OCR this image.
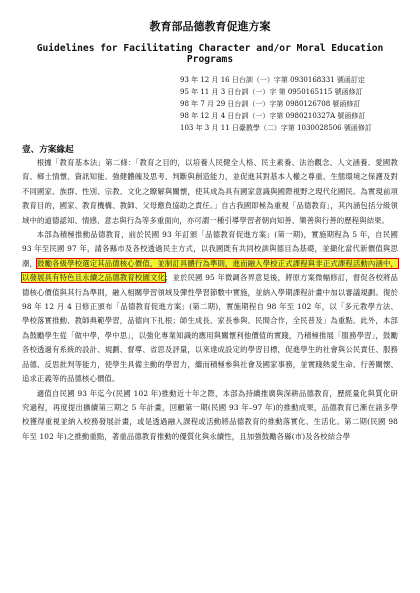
教育部品德教育促進方案
Guidelines for Facilitating Character and/or Moral Education Programs
93 年 12 月 16 日台訓（一）字第 0930168331 號函訂定
95 年 11 月 3 日台訓（一）字 第 0950165115 號函修訂
98 年 7 月 29 日台訓（一）字第 0980126708 號函修訂
98 年 12 月 4 日台訓（一）字第 0980210327A 號函修訂
103 年 3 月 11 日臺教學（二）字第 1030028506 號函修訂
壹、方案緣起

根據「教育基本法」第二條：「教育之目的，以培養人民健全人格、民主素養、法治觀念、人文涵養、愛國教育、鄉土情懷、資訊知能、強健體魄及思考、判斷與創造能力，並促進其對基本人權之尊重、生態環境之保護及對不同國家、族群、性別、宗教、文化之瞭解與關懷，使其成為具有國家意識與國際視野之現代化國民。為實現前項教育目的，國家、教育機構、教師、父母應負協助之責任。」自古我國即極為重視「品德教育」，其內涵包括分級領域中的道德認知、情感、意志與行為等多重面向，亦可謂一種引導學習者朝向知善、樂善與行善的歷程與結果。

本部為積極推動品德教育，前於民國 93 年訂頒「品德教育促進方案」(第一期)，實施期程為 5 年，自民國 93 年至民國 97 年，請各縣市及各校透過民主方式，以我國既有共同校訓與德目為基礎，並擷化當代新價值與思潮，鼓勵各級學校選定其品德核心價值，並制訂具體行為準則，進而融入學校正式課程與非正式課程活動內涵中，以發展具有特色且永續之品德教育校園文化；並於民國 95 年微調各界意見後，將原方案微幅修訂，督促各校將品德核心價值與其行為準則，融入相關學習領域及彈性學習節數中實施，並納入學期課程計畫中加以審議規劃。復於 98 年 12 月 4 日修正頒布「品德教育促進方案」(第二期)，實施期程自 98 年至 102 年，以「多元教學方法、學校落實推動、教師典範學習，品德向下扎根；師生成長、家長參與、民間合作，全民普及」為重點。此外，本部為鼓勵學生從「做中學，學中思」，以強化專業知識的應用與關懷利他價值的實踐，乃積極推展「服務學習」，鼓勵各校透過有系統的設計、規劃、督導、省思及評量，以來達成設定的學習目標，促進學生的社會與公民責任、服務品德、反思批判等能力，使學生具備主動的學習力，繼而積極參與社會及國家事務，並實踐熱愛生命、行善關懷、追求正義等的品德核心價值。

適值自民國 93 年迄今(民國 102 年)推動近十年之際，本部為持續推廣與深耕品德教育，歷經量化與質化研究過程，再度提出擴續第三期之 5 年計畫，回顧第一期(民國 93 年–97 年)的推動成果，品德教育已漸在諸多學校獲得重視並納入校務發展計畫，或是透過融入課程或活動將品德教育的推動落實化、生活化。第二期(民國 98 年至 102 年)之推動重點，著重品德教育推動的優質化與永續性，且加強鼓勵各縣(市)及各校結合學
